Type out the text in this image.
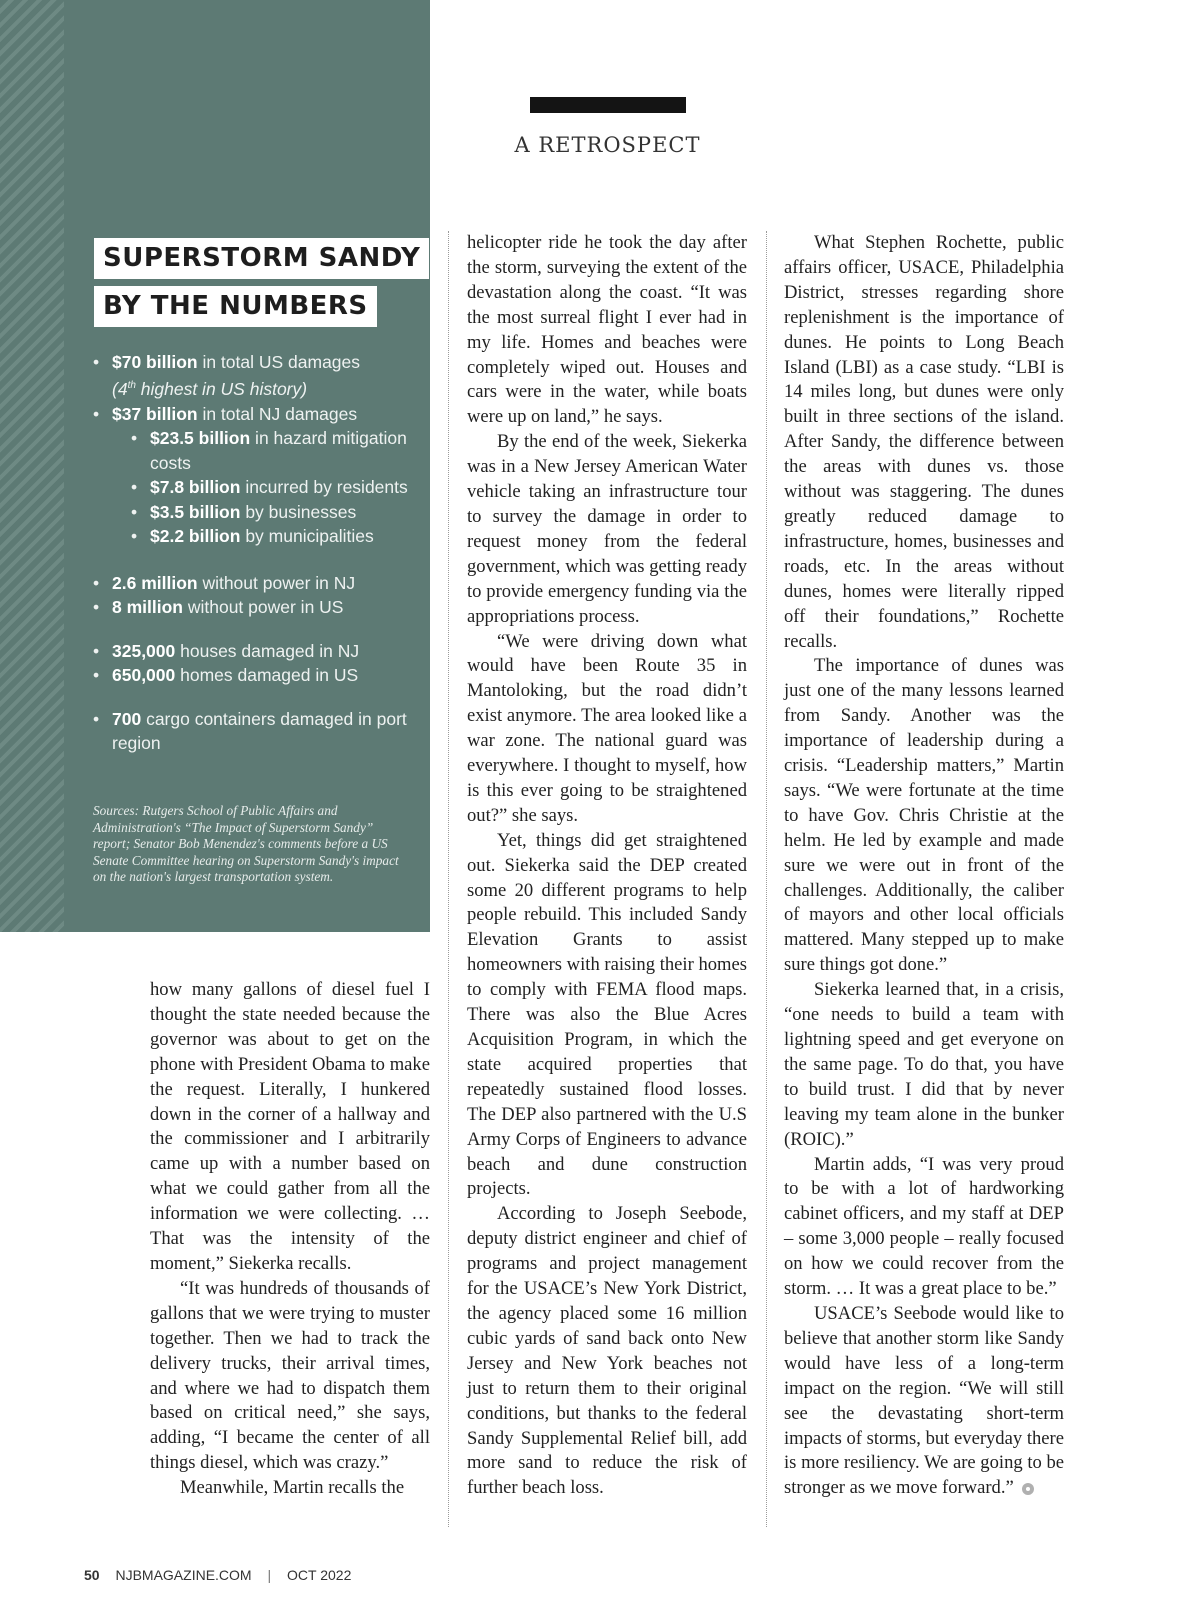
A RETROSPECT
SUPERSTORM SANDY
BY THE NUMBERS
• $70 billion in total US damages
(4th highest in US history)
• $37 billion in total NJ damages
• $23.5 billion in hazard mitigation costs
• $7.8 billion incurred by residents
• $3.5 billion by businesses
• $2.2 billion by municipalities
• 2.6 million without power in NJ
• 8 million without power in US
• 325,000 houses damaged in NJ
• 650,000 homes damaged in US
• 700 cargo containers damaged in port region
Sources: Rutgers School of Public Affairs and Administration's “The Impact of Superstorm Sandy” report; Senator Bob Menendez's comments before a US Senate Committee hearing on Superstorm Sandy's impact on the nation's largest transportation system.

how many gallons of diesel fuel I thought the state needed because the governor was about to get on the phone with President Obama to make the request. Literally, I hunkered down in the corner of a hallway and the commissioner and I arbitrarily came up with a number based on what we could gather from all the information we were collecting. … That was the intensity of the moment,” Siekerka recalls.

“It was hundreds of thousands of gallons that we were trying to muster together. Then we had to track the delivery trucks, their arrival times, and where we had to dispatch them based on critical need,” she says, adding, “I became the center of all things diesel, which was crazy.”

Meanwhile, Martin recalls the

helicopter ride he took the day after the storm, surveying the extent of the devastation along the coast. “It was the most surreal flight I ever had in my life. Homes and beaches were completely wiped out. Houses and cars were in the water, while boats were up on land,” he says.

By the end of the week, Siekerka was in a New Jersey American Water vehicle taking an infrastructure tour to survey the damage in order to request money from the federal government, which was getting ready to provide emergency funding via the appropriations process.

“We were driving down what would have been Route 35 in Mantoloking, but the road didn’t exist anymore. The area looked like a war zone. The national guard was everywhere. I thought to myself, how is this ever going to be straightened out?” she says.

Yet, things did get straightened out. Siekerka said the DEP created some 20 different programs to help people rebuild. This included Sandy Elevation Grants to assist homeowners with raising their homes to comply with FEMA flood maps. There was also the Blue Acres Acquisition Program, in which the state acquired properties that repeatedly sustained flood losses. The DEP also partnered with the U.S Army Corps of Engineers to advance beach and dune construction projects.

According to Joseph Seebode, deputy district engineer and chief of programs and project management for the USACE’s New York District, the agency placed some 16 million cubic yards of sand back onto New Jersey and New York beaches not just to return them to their original conditions, but thanks to the federal Sandy Supplemental Relief bill, add more sand to reduce the risk of further beach loss.

What Stephen Rochette, public affairs officer, USACE, Philadelphia District, stresses regarding shore replenishment is the importance of dunes. He points to Long Beach Island (LBI) as a case study. “LBI is 14 miles long, but dunes were only built in three sections of the island. After Sandy, the difference between the areas with dunes vs. those without was staggering. The dunes greatly reduced damage to infrastructure, homes, businesses and roads, etc. In the areas without dunes, homes were literally ripped off their foundations,” Rochette recalls.

The importance of dunes was just one of the many lessons learned from Sandy. Another was the importance of leadership during a crisis. “Leadership matters,” Martin says. “We were fortunate at the time to have Gov. Chris Christie at the helm. He led by example and made sure we were out in front of the challenges. Additionally, the caliber of mayors and other local officials mattered. Many stepped up to make sure things got done.”

Siekerka learned that, in a crisis, “one needs to build a team with lightning speed and get everyone on the same page. To do that, you have to build trust. I did that by never leaving my team alone in the bunker (ROIC).”

Martin adds, “I was very proud to be with a lot of hardworking cabinet officers, and my staff at DEP – some 3,000 people – really focused on how we could recover from the storm. … It was a great place to be.”

USACE’s Seebode would like to believe that another storm like Sandy would have less of a long-term impact on the region. “We will still see the devastating short-term impacts of storms, but everyday there is more resiliency. We are going to be stronger as we move forward.”

50 NJBMAGAZINE.COM | OCT 2022
